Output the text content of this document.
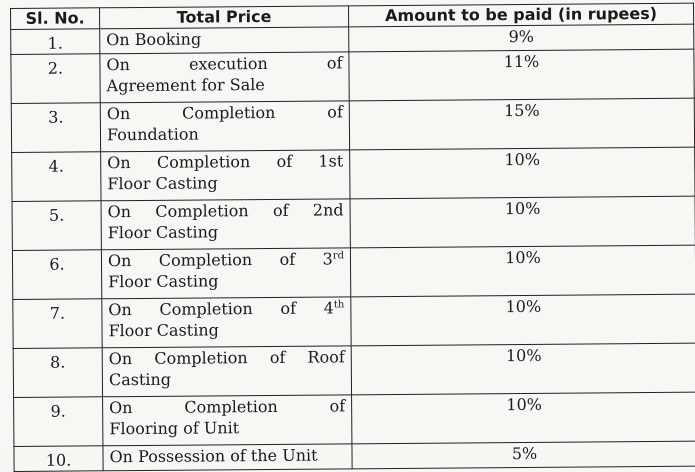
Sl. No.	Total Price	Amount to be paid (in rupees)
1.	On Booking	9%
2.	On execution of
Agreement for Sale	11%
3.	On Completion of
Foundation	15%
4.	On Completion of 1st
Floor Casting	10%
5.	On Completion of 2nd
Floor Casting	10%
6.	On Completion of 3rd
Floor Casting	10%
7.	On Completion of 4th
Floor Casting	10%
8.	On Completion of Roof
Casting	10%
9.	On Completion of
Flooring of Unit	10%
10.	On Possession of the Unit	5%
